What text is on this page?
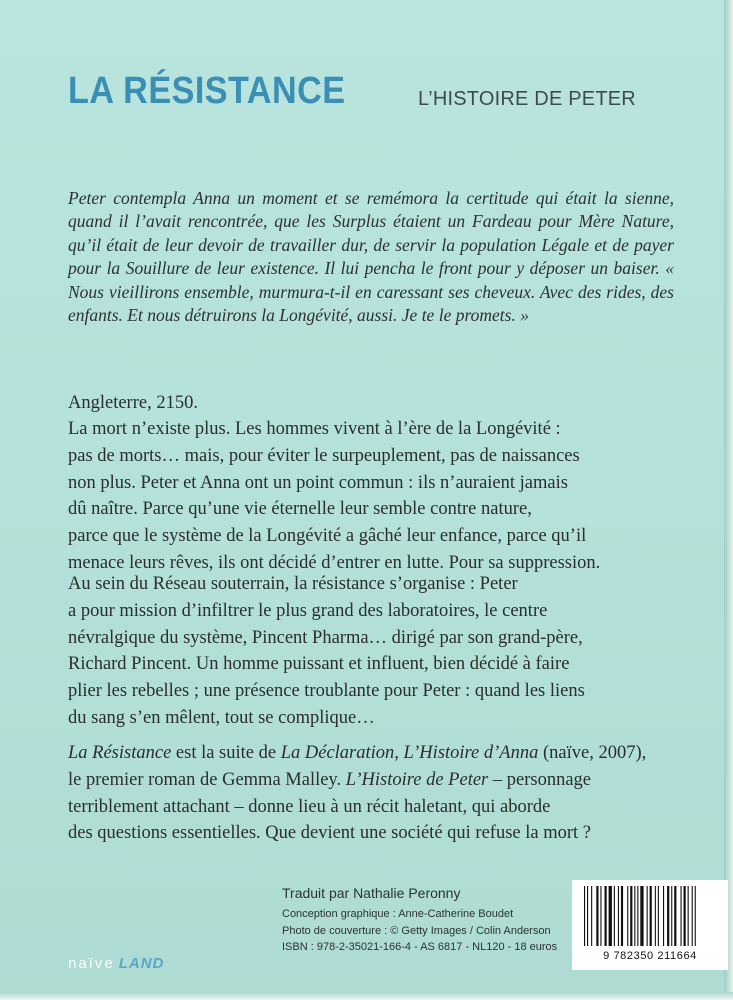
LA RÉSISTANCE	L’HISTOIRE DE PETER
Peter contempla Anna un moment et se remémora la certitude qui était la sienne, quand il l’avait rencontrée, que les Surplus étaient un Fardeau pour Mère Nature, qu’il était de leur devoir de travailler dur, de servir la population Légale et de payer pour la Souillure de leur existence. Il lui pencha le front pour y déposer un baiser. « Nous vieillirons ensemble, murmura-t-il en caressant ses cheveux. Avec des rides, des enfants. Et nous détruirons la Longévité, aussi. Je te le promets. »
Angleterre, 2150.
La mort n’existe plus. Les hommes vivent à l’ère de la Longévité :
pas de morts… mais, pour éviter le surpeuplement, pas de naissances
non plus. Peter et Anna ont un point commun : ils n’auraient jamais
dû naître. Parce qu’une vie éternelle leur semble contre nature,
parce que le système de la Longévité a gâché leur enfance, parce qu’il
menace leurs rêves, ils ont décidé d’entrer en lutte. Pour sa suppression.
Au sein du Réseau souterrain, la résistance s’organise : Peter
a pour mission d’infiltrer le plus grand des laboratoires, le centre
névralgique du système, Pincent Pharma… dirigé par son grand-père,
Richard Pincent. Un homme puissant et influent, bien décidé à faire
plier les rebelles ; une présence troublante pour Peter : quand les liens
du sang s’en mêlent, tout se complique…
La Résistance est la suite de La Déclaration, L’Histoire d’Anna (naïve, 2007),
le premier roman de Gemma Malley. L’Histoire de Peter – personnage
terriblement attachant – donne lieu à un récit haletant, qui aborde
des questions essentielles. Que devient une société qui refuse la mort ?
Traduit par Nathalie Peronny
Conception graphique : Anne-Catherine Boudet
Photo de couverture : © Getty Images / Colin Anderson
ISBN : 978-2-35021-166-4 - AS 6817 - NL120 - 18 euros
naïve LAND	9 782350 211664
